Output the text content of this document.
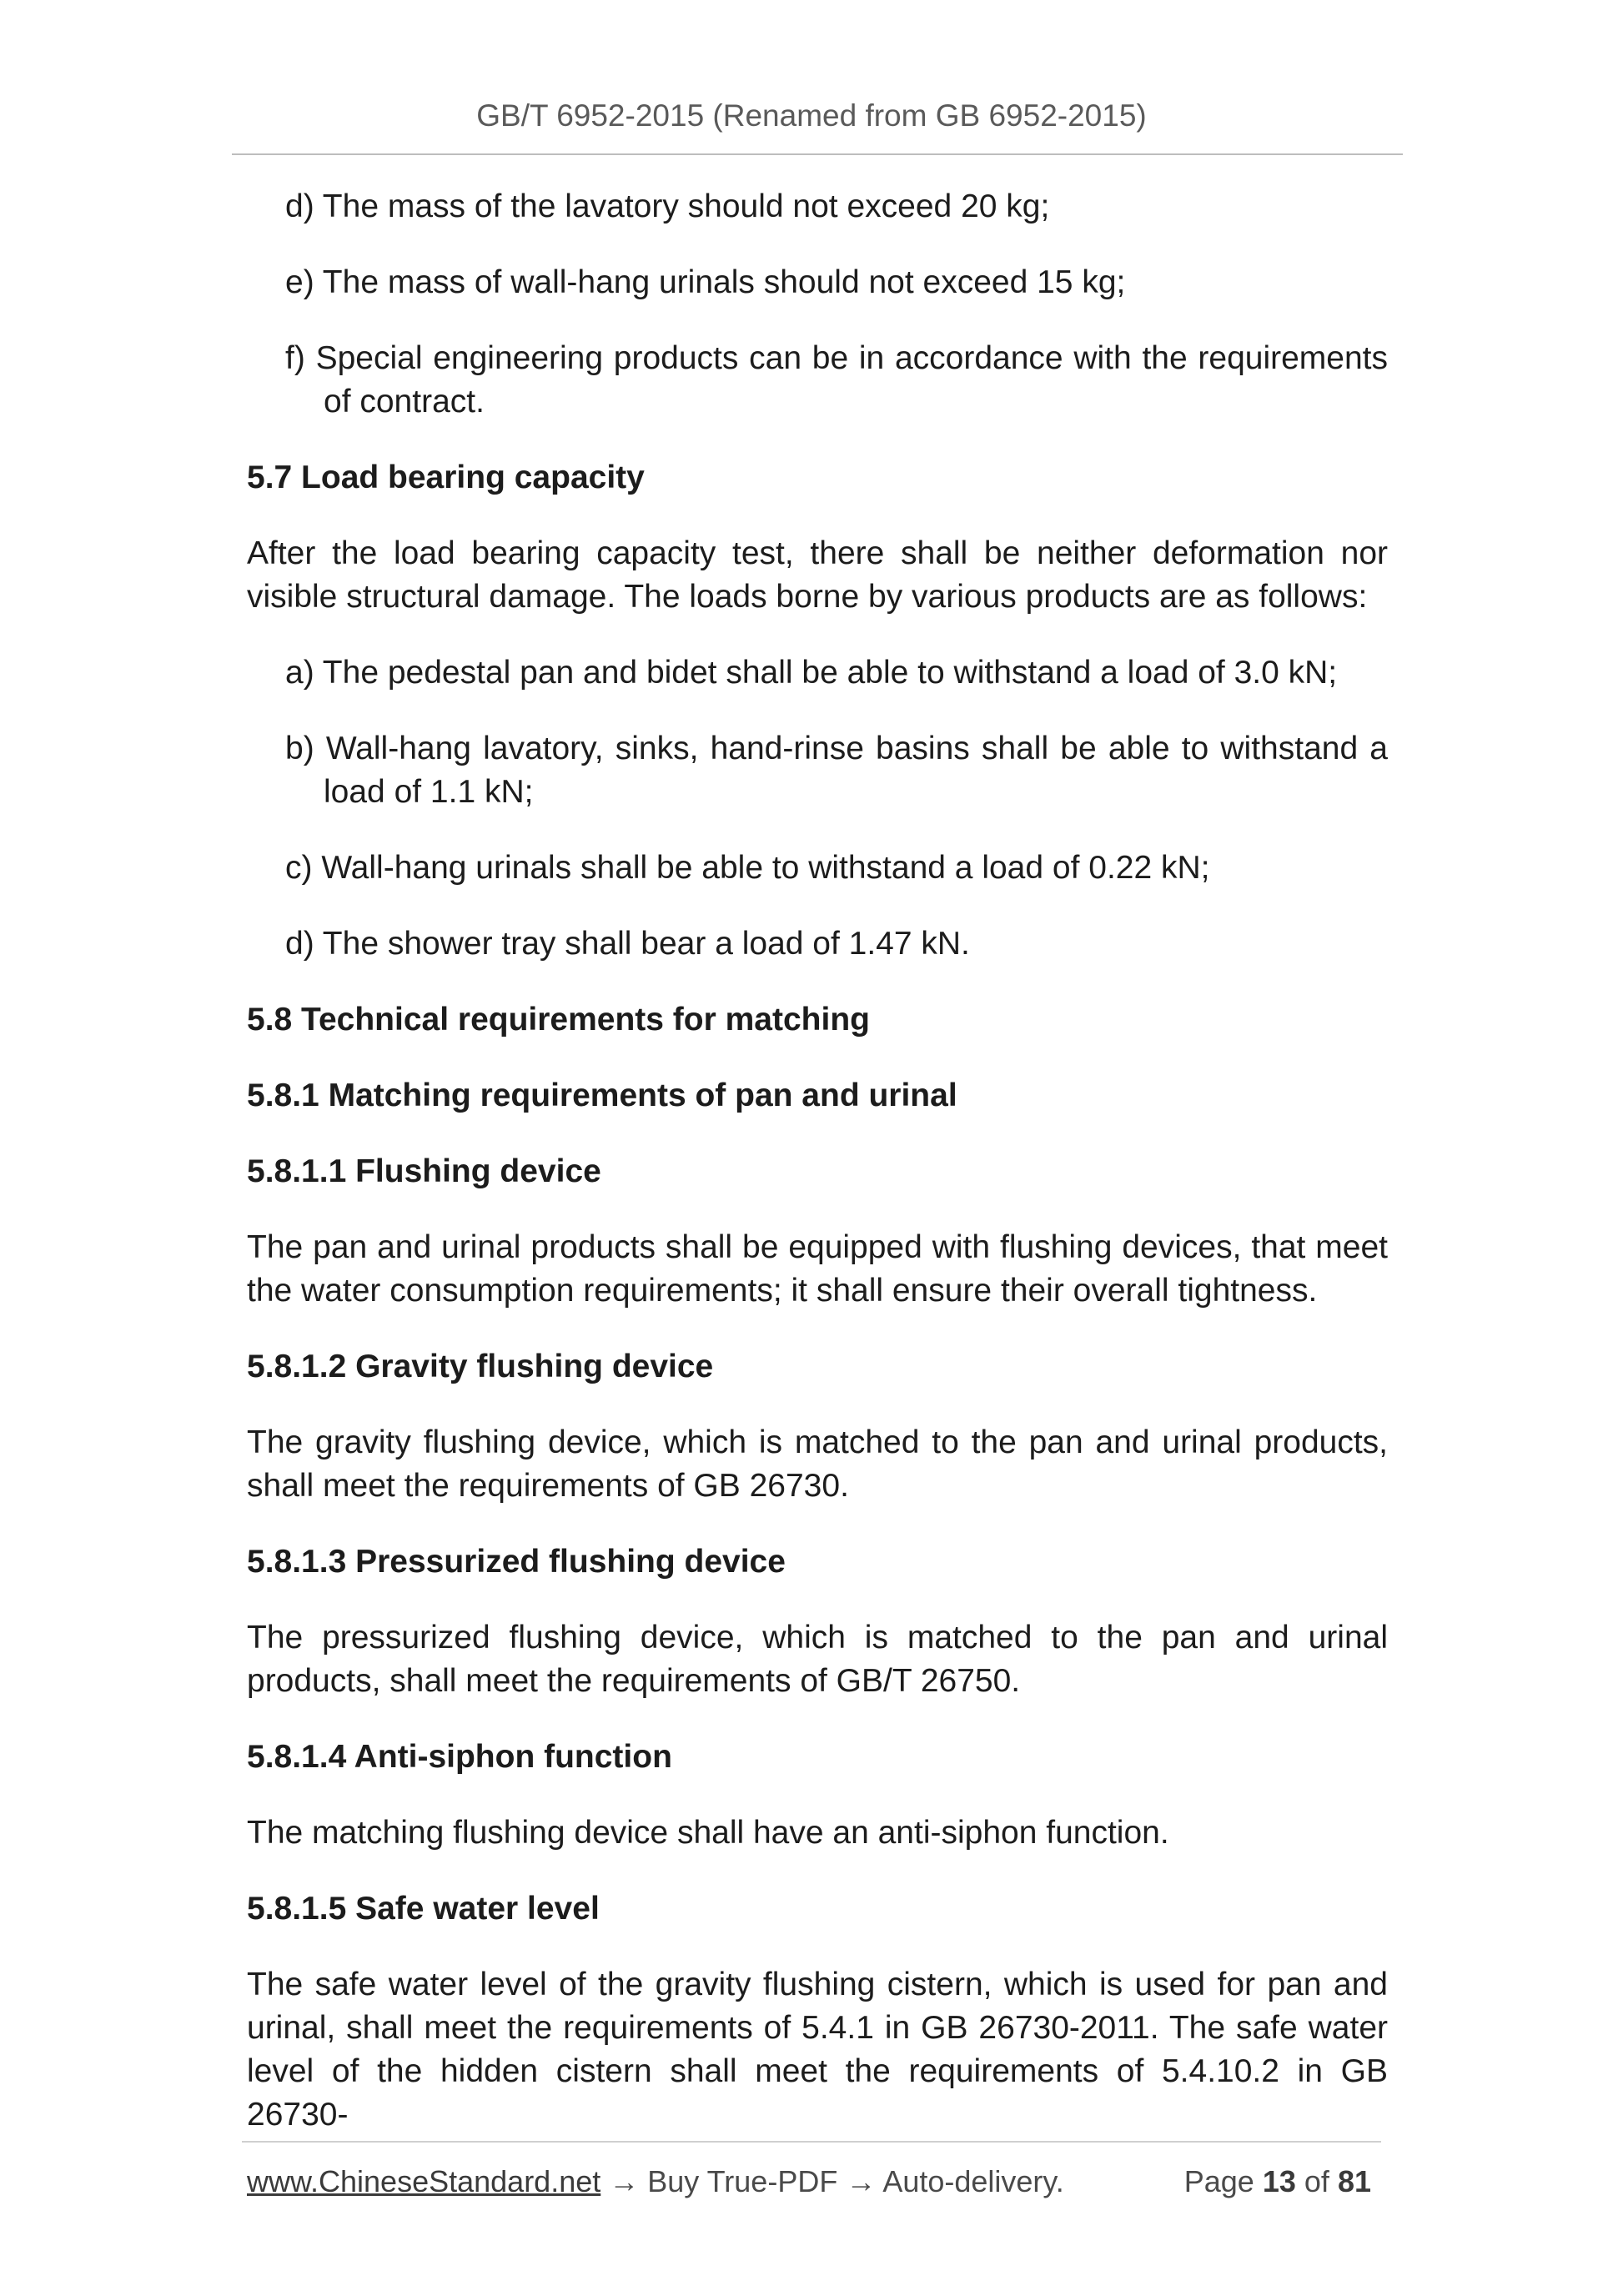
GB/T 6952-2015 (Renamed from GB 6952-2015)
d) The mass of the lavatory should not exceed 20 kg;
e) The mass of wall-hang urinals should not exceed 15 kg;
f) Special engineering products can be in accordance with the requirements of contract.
5.7 Load bearing capacity
After the load bearing capacity test, there shall be neither deformation nor visible structural damage. The loads borne by various products are as follows:
a) The pedestal pan and bidet shall be able to withstand a load of 3.0 kN;
b) Wall-hang lavatory, sinks, hand-rinse basins shall be able to withstand a load of 1.1 kN;
c) Wall-hang urinals shall be able to withstand a load of 0.22 kN;
d) The shower tray shall bear a load of 1.47 kN.
5.8 Technical requirements for matching
5.8.1 Matching requirements of pan and urinal
5.8.1.1 Flushing device
The pan and urinal products shall be equipped with flushing devices, that meet the water consumption requirements; it shall ensure their overall tightness.
5.8.1.2 Gravity flushing device
The gravity flushing device, which is matched to the pan and urinal products, shall meet the requirements of GB 26730.
5.8.1.3 Pressurized flushing device
The pressurized flushing device, which is matched to the pan and urinal products, shall meet the requirements of GB/T 26750.
5.8.1.4 Anti-siphon function
The matching flushing device shall have an anti-siphon function.
5.8.1.5 Safe water level
The safe water level of the gravity flushing cistern, which is used for pan and urinal, shall meet the requirements of 5.4.1 in GB 26730-2011. The safe water level of the hidden cistern shall meet the requirements of 5.4.10.2 in GB 26730-
www.ChineseStandard.net → Buy True-PDF → Auto-delivery.	Page 13 of 81
